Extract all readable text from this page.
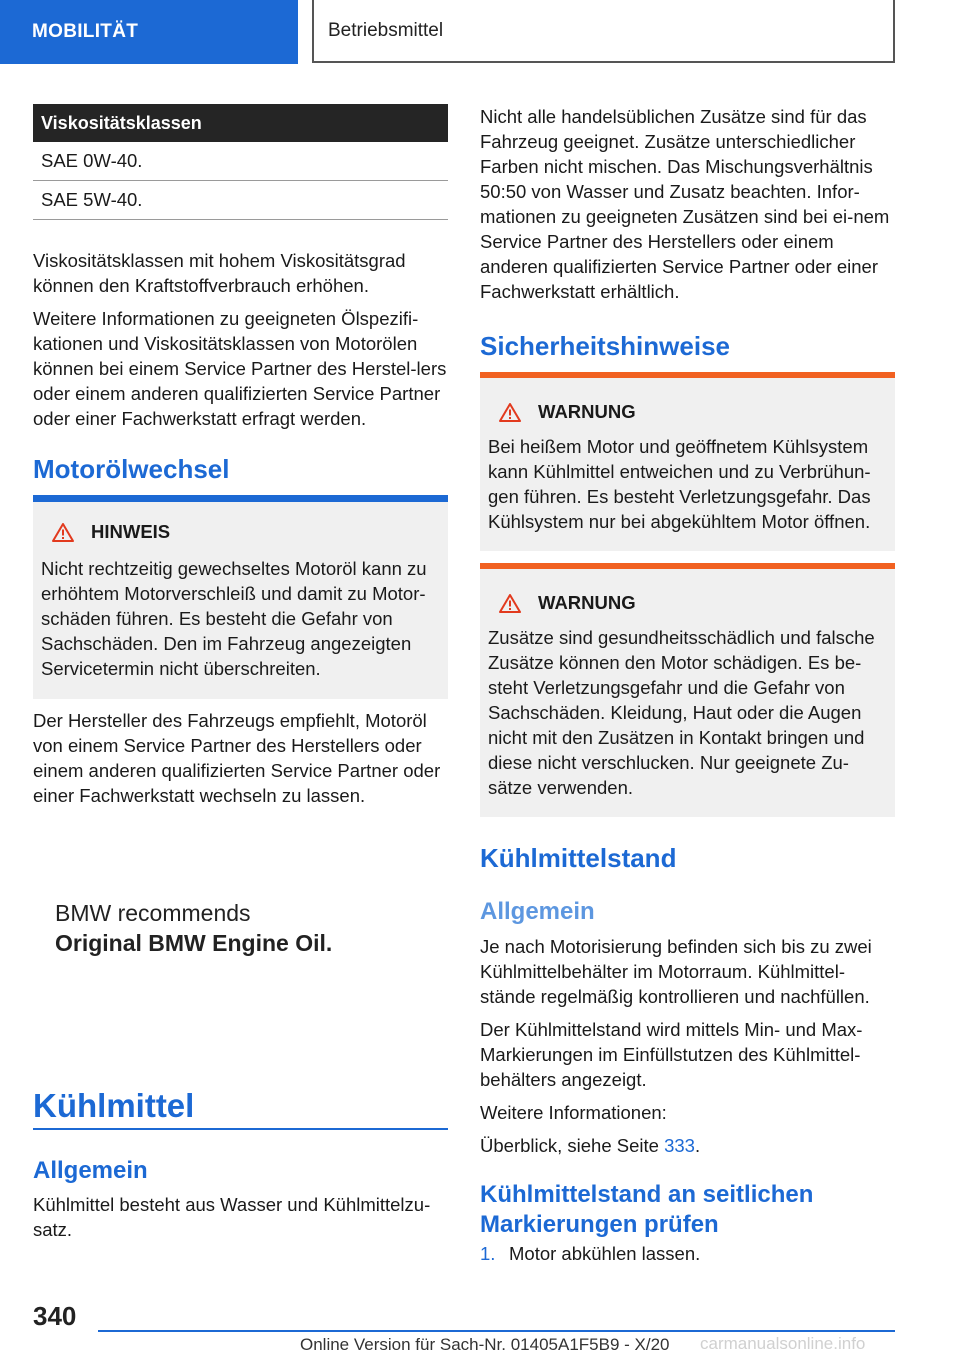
MOBILITÄT	Betriebsmittel
Viskositätsklassen
SAE 0W-40.
SAE 5W-40.

Viskositätsklassen mit hohem Viskositätsgrad können den Kraftstoffverbrauch erhöhen.

Weitere Informationen zu geeigneten Ölspezifi‐kationen und Viskositätsklassen von Motorölen können bei einem Service Partner des Herstel‐lers oder einem anderen qualifizierten Service Partner oder einer Fachwerkstatt erfragt werden.

Motorölwechsel
HINWEIS

Nicht rechtzeitig gewechseltes Motoröl kann zu erhöhtem Motorverschleiß und damit zu Motor‐schäden führen. Es besteht die Gefahr von Sachschäden. Den im Fahrzeug angezeigten Servicetermin nicht überschreiten.

Der Hersteller des Fahrzeugs empfiehlt, Motoröl von einem Service Partner des Herstellers oder einem anderen qualifizierten Service Partner oder einer Fachwerkstatt wechseln zu lassen.

BMW recommends
Original BMW Engine Oil.
Kühlmittel
Allgemein

Kühlmittel besteht aus Wasser und Kühlmittelzu‐satz.

Nicht alle handelsüblichen Zusätze sind für das Fahrzeug geeignet. Zusätze unterschiedlicher Farben nicht mischen. Das Mischungsverhältnis 50:50 von Wasser und Zusatz beachten. Infor‐mationen zu geeigneten Zusätzen sind bei ei‐nem Service Partner des Herstellers oder einem anderen qualifizierten Service Partner oder einer Fachwerkstatt erhältlich.

Sicherheitshinweise
WARNUNG

Bei heißem Motor und geöffnetem Kühlsystem kann Kühlmittel entweichen und zu Verbrühun‐gen führen. Es besteht Verletzungsgefahr. Das Kühlsystem nur bei abgekühltem Motor öffnen.

WARNUNG

Zusätze sind gesundheitsschädlich und falsche Zusätze können den Motor schädigen. Es be‐steht Verletzungsgefahr und die Gefahr von Sachschäden. Kleidung, Haut oder die Augen nicht mit den Zusätzen in Kontakt bringen und diese nicht verschlucken. Nur geeignete Zu‐sätze verwenden.

Kühlmittelstand
Allgemein

Je nach Motorisierung befinden sich bis zu zwei Kühlmittelbehälter im Motorraum. Kühlmittel‐stände regelmäßig kontrollieren und nachfüllen.

Der Kühlmittelstand wird mittels Min- und Max-Markierungen im Einfüllstutzen des Kühlmittel‐behälters angezeigt.

Weitere Informationen:

Überblick, siehe Seite 333.

Kühlmittelstand an seitlichen Markierungen prüfen
1. Motor abkühlen lassen.
340
Online Version für Sach-Nr. 01405A1F5B9 - X/20 carmanualsonline.info
